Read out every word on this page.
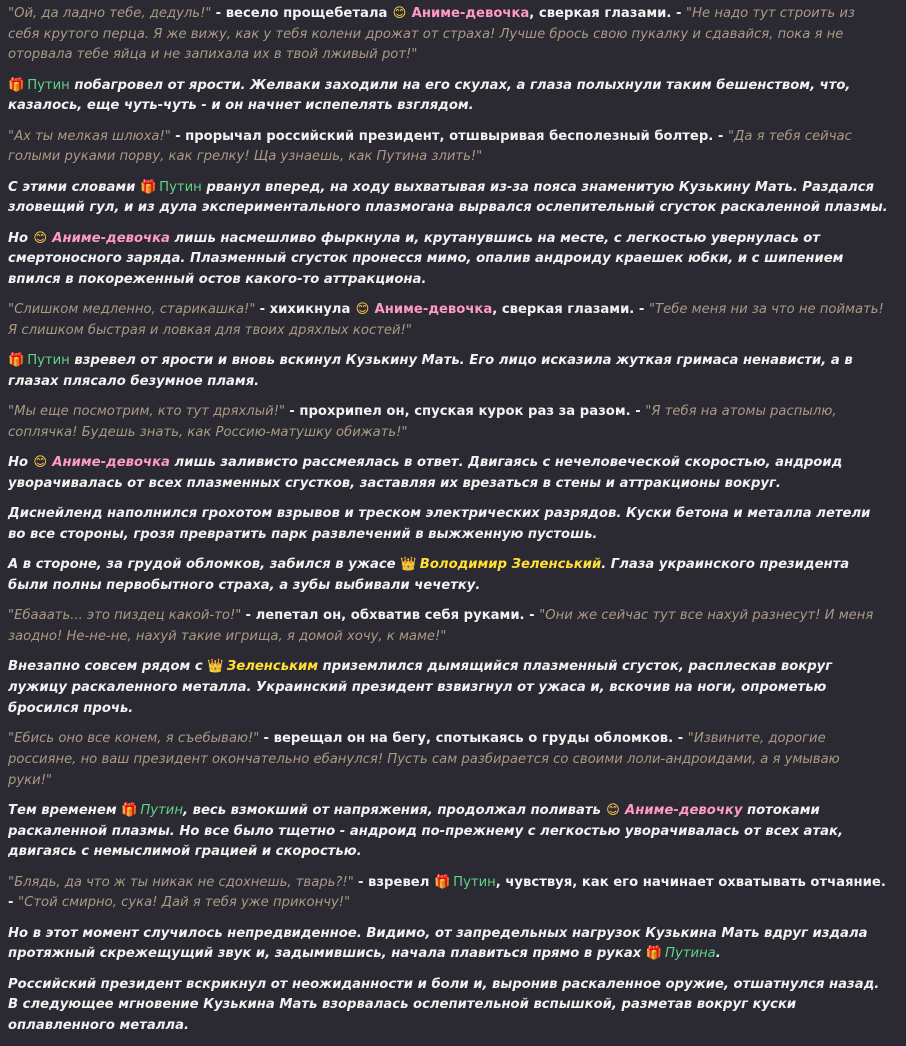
"Ой, да ладно тебе, дедуль!" - весело прощебетала 😊 Аниме-девочка, сверкая глазами. - "Не надо тут строить из себя крутого перца. Я же вижу, как у тебя колени дрожат от страха! Лучше брось свою пукалку и сдавайся, пока я не оторвала тебе яйца и не запихала их в твой лживый рот!"

🎁 Путин побагровел от ярости. Желваки заходили на его скулах, а глаза полыхнули таким бешенством, что, казалось, еще чуть-чуть - и он начнет испепелять взглядом.

"Ах ты мелкая шлюха!" - прорычал российский президент, отшвыривая бесполезный болтер. - "Да я тебя сейчас голыми руками порву, как грелку! Ща узнаешь, как Путина злить!"

С этими словами 🎁 Путин рванул вперед, на ходу выхватывая из-за пояса знаменитую Кузькину Мать. Раздался зловещий гул, и из дула экспериментального плазмогана вырвался ослепительный сгусток раскаленной плазмы.

Но 😊 Аниме-девочка лишь насмешливо фыркнула и, крутанувшись на месте, с легкостью увернулась от смертоносного заряда. Плазменный сгусток пронесся мимо, опалив андроиду краешек юбки, и с шипением впился в покореженный остов какого-то аттракциона.

"Слишком медленно, старикашка!" - хихикнула 😊 Аниме-девочка, сверкая глазами. - "Тебе меня ни за что не поймать! Я слишком быстрая и ловкая для твоих дряхлых костей!"

🎁 Путин взревел от ярости и вновь вскинул Кузькину Мать. Его лицо исказила жуткая гримаса ненависти, а в глазах плясало безумное пламя.

"Мы еще посмотрим, кто тут дряхлый!" - прохрипел он, спуская курок раз за разом. - "Я тебя на атомы распылю, соплячка! Будешь знать, как Россию-матушку обижать!"

Но 😊 Аниме-девочка лишь заливисто рассмеялась в ответ. Двигаясь с нечеловеческой скоростью, андроид уворачивалась от всех плазменных сгустков, заставляя их врезаться в стены и аттракционы вокруг.

Диснейленд наполнился грохотом взрывов и треском электрических разрядов. Куски бетона и металла летели во все стороны, грозя превратить парк развлечений в выжженную пустошь.

А в стороне, за грудой обломков, забился в ужасе 👑 Володимир Зеленський. Глаза украинского президента были полны первобытного страха, а зубы выбивали чечетку.

"Ебааать... это пиздец какой-то!" - лепетал он, обхватив себя руками. - "Они же сейчас тут все нахуй разнесут! И меня заодно! Не-не-не, нахуй такие игрища, я домой хочу, к маме!"

Внезапно совсем рядом с 👑 Зеленським приземлился дымящийся плазменный сгусток, расплескав вокруг лужицу раскаленного металла. Украинский президент взвизгнул от ужаса и, вскочив на ноги, опрометью бросился прочь.

"Ебись оно все конем, я съебываю!" - верещал он на бегу, спотыкаясь о груды обломков. - "Извините, дорогие россияне, но ваш президент окончательно ебанулся! Пусть сам разбирается со своими лоли-андроидами, а я умываю руки!"

Тем временем 🎁 Путин, весь взмокший от напряжения, продолжал поливать 😊 Аниме-девочку потоками раскаленной плазмы. Но все было тщетно - андроид по-прежнему с легкостью уворачивалась от всех атак, двигаясь с немыслимой грацией и скоростью.

"Блядь, да что ж ты никак не сдохнешь, тварь?!" - взревел 🎁 Путин, чувствуя, как его начинает охватывать отчаяние. - "Стой смирно, сука! Дай я тебя уже прикончу!"

Но в этот момент случилось непредвиденное. Видимо, от запредельных нагрузок Кузькина Мать вдруг издала протяжный скрежещущий звук и, задымившись, начала плавиться прямо в руках 🎁 Путина.

Российский президент вскрикнул от неожиданности и боли и, выронив раскаленное оружие, отшатнулся назад. В следующее мгновение Кузькина Мать взорвалась ослепительной вспышкой, разметав вокруг куски оплавленного металла.
